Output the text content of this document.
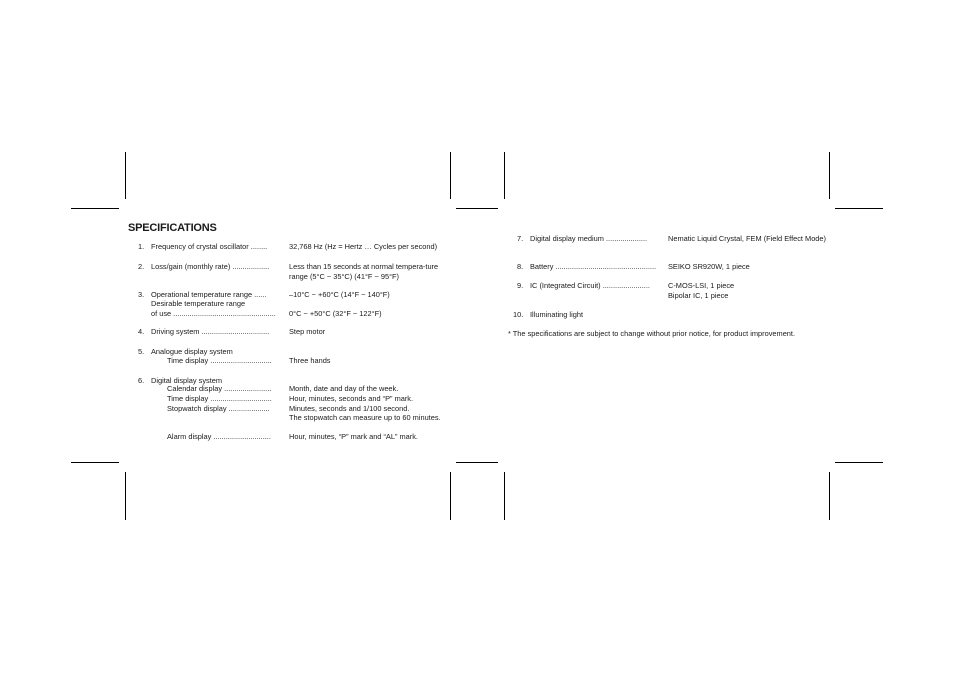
SPECIFICATIONS
1. Frequency of crystal oscillator ........	32,768 Hz (Hz = Hertz … Cycles per second)
2. Loss/gain (monthly rate) ..................	Less than 15 seconds at normal tempera-ture range (5°C ~ 35°C) (41°F ~ 95°F)
3. Operational temperature range ......	–10°C ~ +60°C (14°F ~ 140°F)
Desirable temperature range
of use .................................................. 0°C ~ +50°C (32°F ~ 122°F)
4. Driving system .................................	Step motor
5. Analogue display system
Time display .............................. Three hands
6. Digital display system
Calendar display ....................... Month, date and day of the week.
Time display .............................. Hour, minutes, seconds and “P” mark.
Stopwatch display ....................	Minutes, seconds and 1/100 second.
The stopwatch can measure up to 60 minutes.
Alarm display ............................ Hour, minutes, “P” mark and “AL” mark.
7. Digital display medium ....................	Nematic Liquid Crystal, FEM (Field Effect Mode)
8. Battery ................................................. SEIKO SR920W, 1 piece
9. IC (Integrated Circuit) ....................... C-MOS-LSI, 1 piece
Bipolar IC, 1 piece
10. Illuminating light
* The specifications are subject to change without prior notice, for product improvement.
